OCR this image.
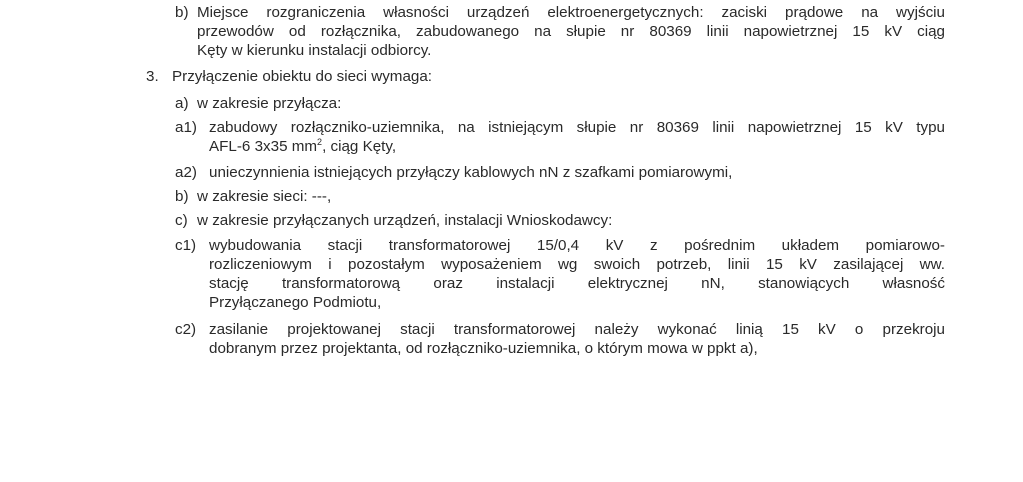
b) Miejsce rozgraniczenia własności urządzeń elektroenergetycznych: zaciski prądowe na wyjściu
przewodów od rozłącznika, zabudowanego na słupie nr 80369 linii napowietrznej 15 kV ciąg
Kęty w kierunku instalacji odbiorcy.
3. Przyłączenie obiektu do sieci wymaga:
a) w zakresie przyłącza:
a1) zabudowy rozłączniko-uziemnika, na istniejącym słupie nr 80369 linii napowietrznej 15 kV typu
AFL-6 3x35 $mm^2$, ciąg Kęty,
a2) unieczynnienia istniejących przyłączy kablowych nN z szafkami pomiarowymi,
b) w zakresie sieci: ---,
c) w zakresie przyłączanych urządzeń, instalacji Wnioskodawcy:
c1) wybudowania stacji transformatorowej 15/0,4 kV z pośrednim układem pomiarowo-
rozliczeniowym i pozostałym wyposażeniem wg swoich potrzeb, linii 15 kV zasilającej ww.
stację transformatorową oraz instalacji elektrycznej nN, stanowiących własność
Przyłączanego Podmiotu,
c2) zasilanie projektowanej stacji transformatorowej należy wykonać linią 15 kV o przekroju
dobranym przez projektanta, od rozłączniko-uziemnika, o którym mowa w ppkt a),
